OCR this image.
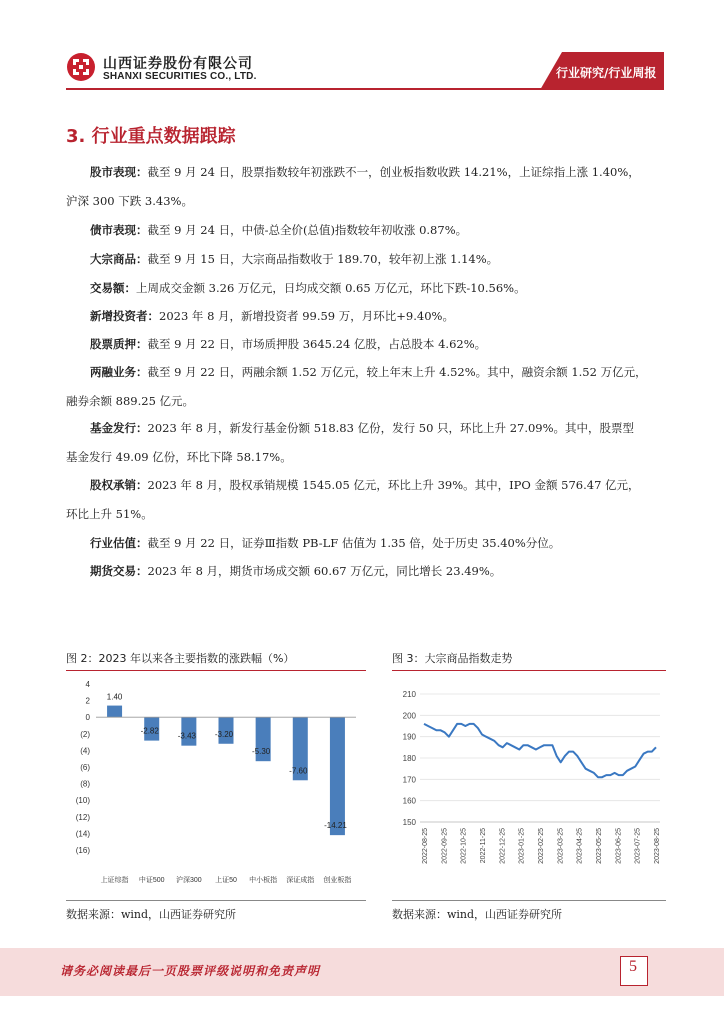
山西证券股份有限公司
SHANXI SECURITIES CO., LTD.	行业研究/行业周报
3. 行业重点数据跟踪
股市表现：截至 9 月 24 日，股票指数较年初涨跌不一，创业板指数收跌 14.21%，上证综指上涨 1.40%，
沪深 300 下跌 3.43%。
债市表现：截至 9 月 24 日，中债-总全价(总值)指数较年初收涨 0.87%。
大宗商品：截至 9 月 15 日，大宗商品指数收于 189.70，较年初上涨 1.14%。
交易额：上周成交金额 3.26 万亿元，日均成交额 0.65 万亿元，环比下跌-10.56%。
新增投资者：2023 年 8 月，新增投资者 99.59 万，月环比+9.40%。
股票质押：截至 9 月 22 日，市场质押股 3645.24 亿股，占总股本 4.62%。
两融业务：截至 9 月 22 日，两融余额 1.52 万亿元，较上年末上升 4.52%。其中，融资余额 1.52 万亿元，
融券余额 889.25 亿元。
基金发行：2023 年 8 月，新发行基金份额 518.83 亿份，发行 50 只，环比上升 27.09%。其中，股票型
基金发行 49.09 亿份，环比下降 58.17%。
股权承销：2023 年 8 月，股权承销规模 1545.05 亿元，环比上升 39%。其中，IPO 金额 576.47 亿元，
环比上升 51%。
行业估值：截至 9 月 22 日，证券Ⅲ指数 PB-LF 估值为 1.35 倍，处于历史 35.40%分位。
期货交易：2023 年 8 月，期货市场成交额 60.67 万亿元，同比增长 23.49%。
图 2：2023 年以来各主要指数的涨跌幅（%）
4
2
0
(2)
(4)
(6)
(8)
(10)
(12)
(14)
(16)
1.40
上证综指
-2.82
中证500
-3.43
沪深300
-3.20
上证50
-5.30
中小板指
-7.60
深证成指
-14.21
创业板指
数据来源：wind，山西证券研究所
图 3：大宗商品指数走势
210
200
190
180
170
160
150
2022-08-25 2022-09-25 2022-10-25 2022-11-25 2022-12-25 2023-01-25 2023-02-25 2023-03-25 2023-04-25 2023-05-25 2023-06-25 2023-07-25 2023-08-25
数据来源：wind，山西证券研究所
请务必阅读最后一页股票评级说明和免责声明	5
